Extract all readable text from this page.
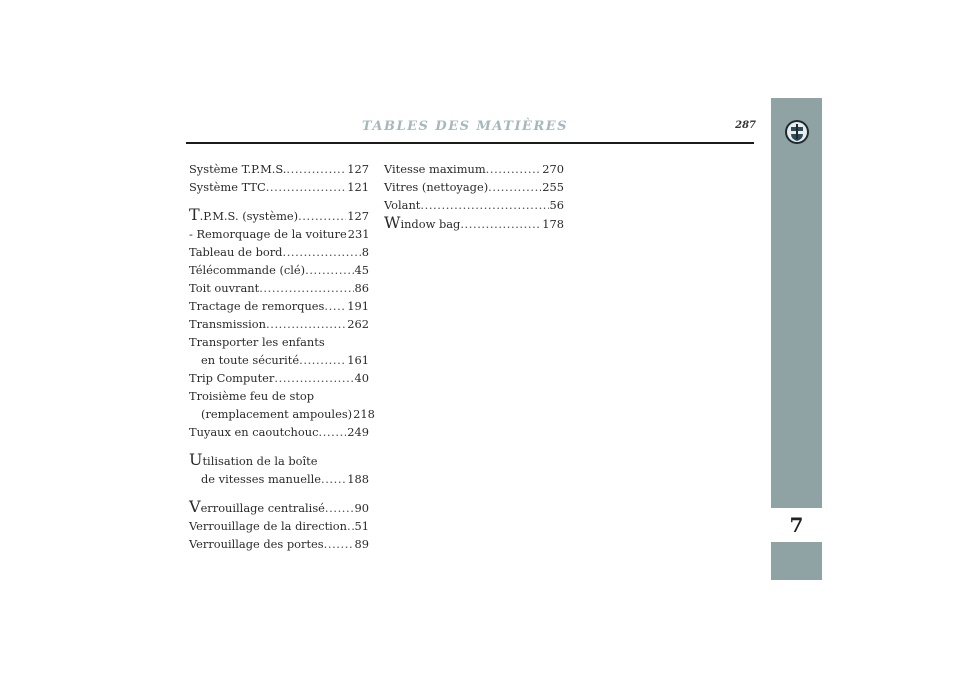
TABLES DES MATIÈRES	287
7
Système T.P.M.S. .....	127
Système TTC .....	121
T.P.M.S. (système) .....	127
- Remorquage de la voiture 231
Tableau de bord .....	8
Télécommande (clé) .....	45
Toit ouvrant .....	86
Tractage de remorques ..... 191
Transmission .....	262
Transporter les enfants
en toute sécurité .....	161
Trip Computer .....	40
Troisième feu de stop
(remplacement ampoules) 218
Tuyaux en caoutchouc .....	249
Utilisation de la boîte
de vitesses manuelle ..... 188
Verrouillage centralisé .....	90
Verrouillage de la direction ..... 51
Verrouillage des portes .....	89
Vitesse maximum .....	270
Vitres (nettoyage) .....	255
Volant .....	56
Window bag .....	178
